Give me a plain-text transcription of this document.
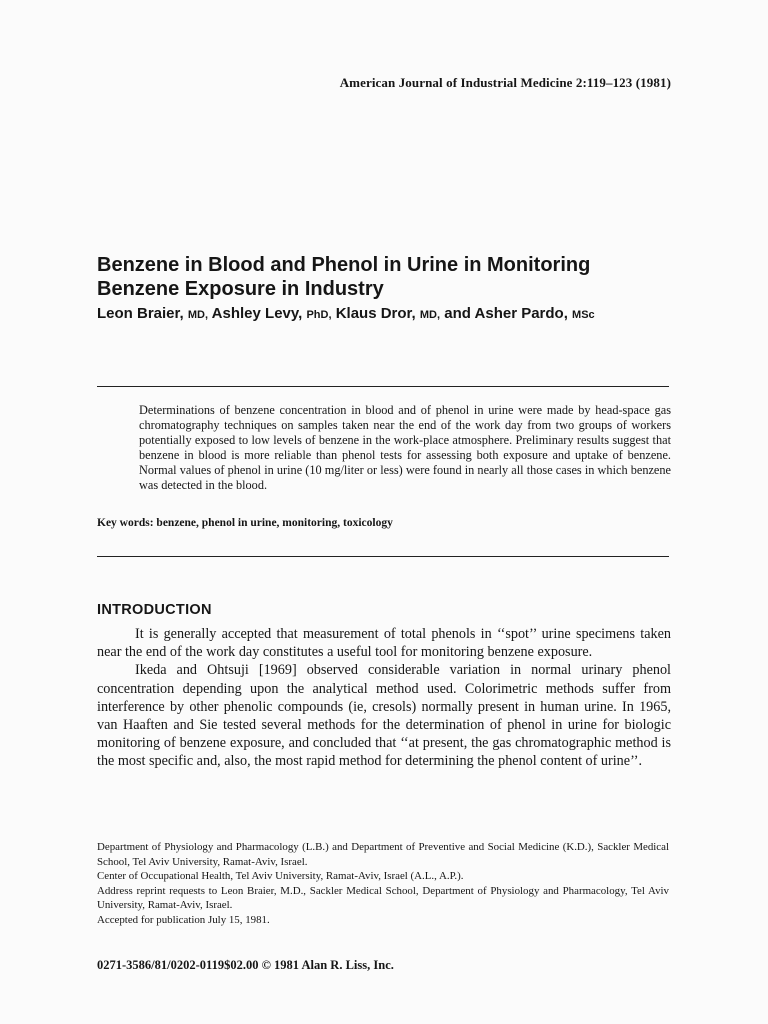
American Journal of Industrial Medicine 2:119–123 (1981)
Benzene in Blood and Phenol in Urine in Monitoring
Benzene Exposure in Industry
Leon Braier, MD, Ashley Levy, PhD, Klaus Dror, MD, and Asher Pardo, MSc

Determinations of benzene concentration in blood and of phenol in urine were made by head-space gas chromatography techniques on samples taken near the end of the work day from two groups of workers potentially exposed to low levels of benzene in the work-place atmosphere. Preliminary results suggest that benzene in blood is more reliable than phenol tests for assessing both exposure and uptake of benzene. Normal values of phenol in urine (10 mg/liter or less) were found in nearly all those cases in which benzene was detected in the blood.

Key words: benzene, phenol in urine, monitoring, toxicology

INTRODUCTION

It is generally accepted that measurement of total phenols in ‘‘spot’’ urine specimens taken near the end of the work day constitutes a useful tool for monitoring benzene exposure.

Ikeda and Ohtsuji [1969] observed considerable variation in normal urinary phenol concentration depending upon the analytical method used. Colorimetric methods suffer from interference by other phenolic compounds (ie, cresols) normally present in human urine. In 1965, van Haaften and Sie tested several methods for the determination of phenol in urine for biologic monitoring of benzene exposure, and concluded that ‘‘at present, the gas chromatographic method is the most specific and, also, the most rapid method for determining the phenol content of urine’’.

Department of Physiology and Pharmacology (L.B.) and Department of Preventive and Social Medicine (K.D.), Sackler Medical School, Tel Aviv University, Ramat-Aviv, Israel.
Center of Occupational Health, Tel Aviv University, Ramat-Aviv, Israel (A.L., A.P.).
Address reprint requests to Leon Braier, M.D., Sackler Medical School, Department of Physiology and Pharmacology, Tel Aviv University, Ramat-Aviv, Israel.
Accepted for publication July 15, 1981.
0271-3586/81/0202-0119$02.00 © 1981 Alan R. Liss, Inc.
